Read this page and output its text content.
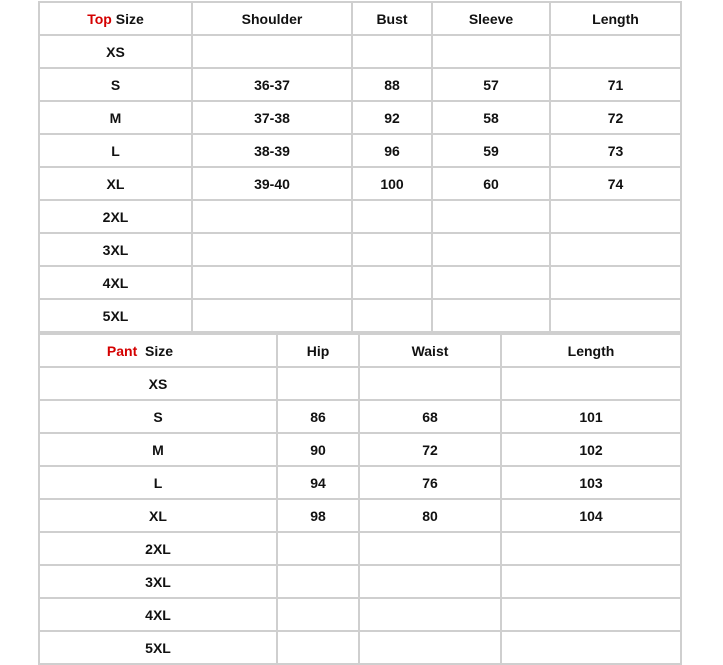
Top Size	Shoulder	Bust	Sleeve	Length
XS				
S	36-37	88	57	71
M	37-38	92	58	72
L	38-39	96	59	73
XL	39-40	100	60	74
2XL				
3XL				
4XL				
5XL				
Pant  Size	Hip	Waist	Length
XS			
S	86	68	101
M	90	72	102
L	94	76	103
XL	98	80	104
2XL			
3XL			
4XL			
5XL			
